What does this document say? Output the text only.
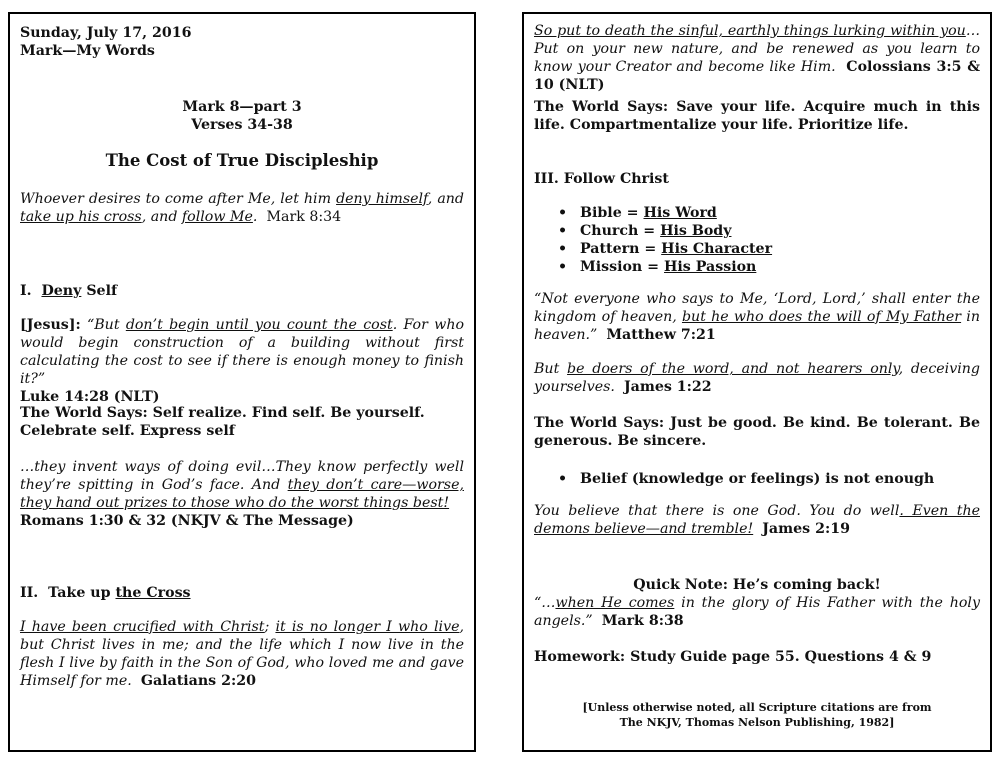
Sunday, July 17, 2016
Mark—My Words
Mark 8—part 3
Verses 34-38
The Cost of True Discipleship
Whoever desires to come after Me, let him deny himself, and take up his cross, and follow Me. Mark 8:34
I. Deny Self
[Jesus]: “But don’t begin until you count the cost. For who would begin construction of a building without first calculating the cost to see if there is enough money to finish it?”
Luke 14:28 (NLT)
The World Says: Self realize. Find self. Be yourself. Celebrate self. Express self
…they invent ways of doing evil…They know perfectly well they’re spitting in God’s face. And they don’t care—worse, they hand out prizes to those who do the worst things best!
Romans 1:30 & 32 (NKJV & The Message)
II. Take up the Cross
I have been crucified with Christ; it is no longer I who live, but Christ lives in me; and the life which I now live in the flesh I live by faith in the Son of God, who loved me and gave Himself for me. Galatians 2:20
So put to death the sinful, earthly things lurking within you…Put on your new nature, and be renewed as you learn to know your Creator and become like Him. Colossians 3:5 & 10 (NLT)
The World Says: Save your life. Acquire much in this life. Compartmentalize your life. Prioritize life.
III. Follow Christ
• Bible = His Word
• Church = His Body
• Pattern = His Character
• Mission = His Passion
“Not everyone who says to Me, ‘Lord, Lord,’ shall enter the kingdom of heaven, but he who does the will of My Father in heaven.” Matthew 7:21
But be doers of the word, and not hearers only, deceiving yourselves. James 1:22
The World Says: Just be good. Be kind. Be tolerant. Be generous. Be sincere.
• Belief (knowledge or feelings) is not enough
You believe that there is one God. You do well. Even the demons believe—and tremble! James 2:19
Quick Note: He’s coming back!
“…when He comes in the glory of His Father with the holy angels.” Mark 8:38
Homework: Study Guide page 55. Questions 4 & 9
[Unless otherwise noted, all Scripture citations are from
The NKJV, Thomas Nelson Publishing, 1982]
